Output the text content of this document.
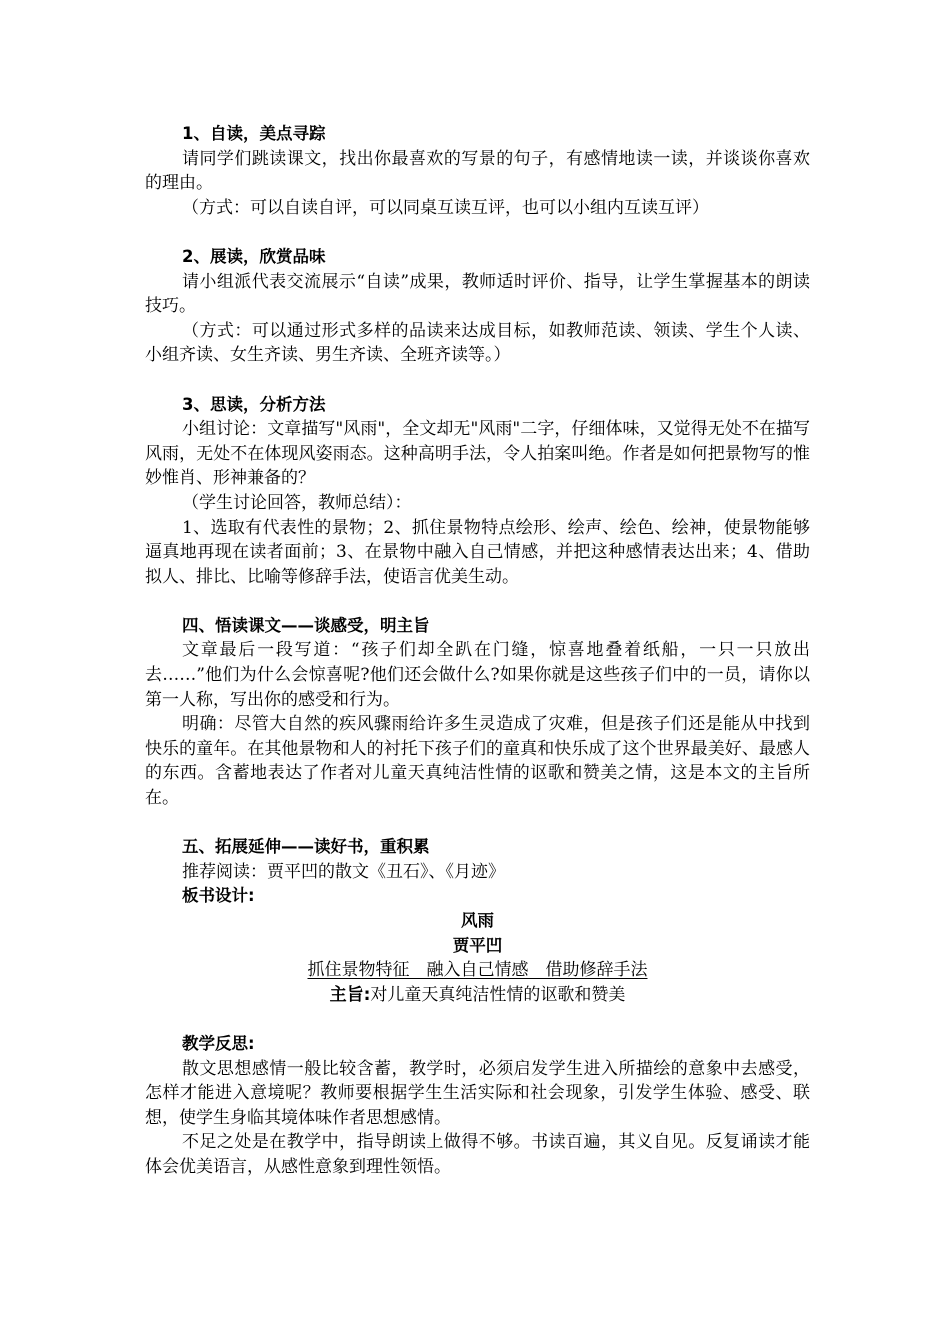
1、自读，美点寻踪
请同学们跳读课文，找出你最喜欢的写景的句子，有感情地读一读，并谈谈你喜欢的理由。
（方式：可以自读自评，可以同桌互读互评，也可以小组内互读互评）
2、展读，欣赏品味
请小组派代表交流展示“自读”成果，教师适时评价、指导，让学生掌握基本的朗读技巧。
（方式：可以通过形式多样的品读来达成目标，如教师范读、领读、学生个人读、小组齐读、女生齐读、男生齐读、全班齐读等。）
3、思读，分析方法
小组讨论：文章描写"风雨"，全文却无"风雨"二字，仔细体味，又觉得无处不在描写风雨，无处不在体现风姿雨态。这种高明手法，令人拍案叫绝。作者是如何把景物写的惟妙惟肖、形神兼备的？
（学生讨论回答，教师总结）：
1、选取有代表性的景物；2、抓住景物特点绘形、绘声、绘色、绘神，使景物能够逼真地再现在读者面前；3、在景物中融入自己情感，并把这种感情表达出来；4、借助拟人、排比、比喻等修辞手法，使语言优美生动。
四、悟读课文——谈感受，明主旨
文章最后一段写道：“孩子们却全趴在门缝，惊喜地叠着纸船，一只一只放出去……”他们为什么会惊喜呢?他们还会做什么?如果你就是这些孩子们中的一员，请你以第一人称，写出你的感受和行为。
明确：尽管大自然的疾风骤雨给许多生灵造成了灾难，但是孩子们还是能从中找到快乐的童年。在其他景物和人的衬托下孩子们的童真和快乐成了这个世界最美好、最感人的东西。含蓄地表达了作者对儿童天真纯洁性情的讴歌和赞美之情，这是本文的主旨所在。
五、拓展延伸——读好书，重积累
推荐阅读：贾平凹的散文《丑石》、《月迹》
板书设计:
风雨
贾平凹
抓住景物特征　融入自己情感　借助修辞手法
主旨:对儿童天真纯洁性情的讴歌和赞美
教学反思:
散文思想感情一般比较含蓄，教学时，必须启发学生进入所描绘的意象中去感受，怎样才能进入意境呢？教师要根据学生生活实际和社会现象，引发学生体验、感受、联想，使学生身临其境体味作者思想感情。
不足之处是在教学中，指导朗读上做得不够。书读百遍，其义自见。反复诵读才能体会优美语言，从感性意象到理性领悟。
